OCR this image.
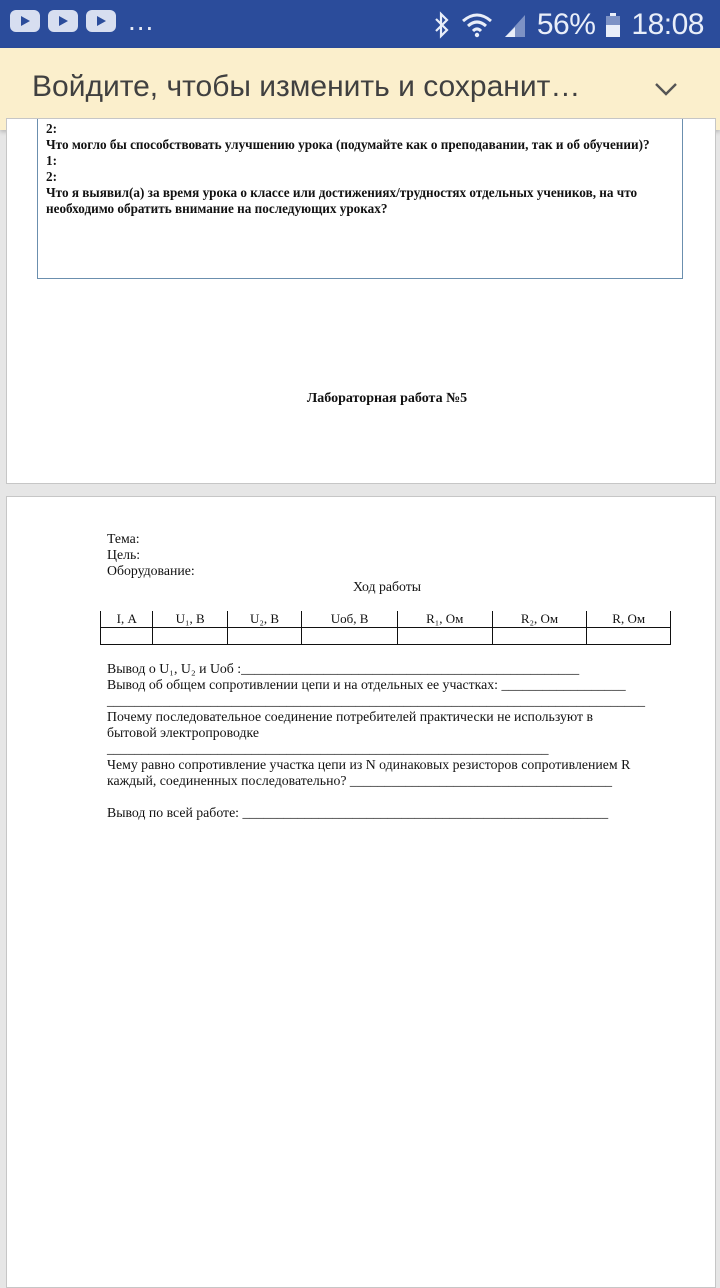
...	56% 18:08
Войдите, чтобы изменить и сохранит…
2:
Что могло бы способствовать улучшению урока (подумайте как о преподавании, так и об обучении)?
1:
2:
Что я выявил(а) за время урока о классе или достижениях/трудностях отдельных учеников, на что необходимо обратить внимание на последующих уроках?
Лабораторная работа №5
Тема:
Цель:
Оборудование:
Ход работы
I, А	U₁, В	U₂, В	Uоб, В	R₁, Ом	R₂, Ом	R, Ом

Вывод о U₁, U₂ и Uоб :_________________________________________________
Вывод об общем сопротивлении цепи и на отдельных ее участках: __________________
______________________________________________________________________________
Почему последовательное соединение потребителей практически не используют в
бытовой электропроводке
________________________________________________________________
Чему равно сопротивление участка цепи из N одинаковых резисторов сопротивлением R
каждый, соединенных последовательно? ______________________________________
Вывод по всей работе: _____________________________________________________
